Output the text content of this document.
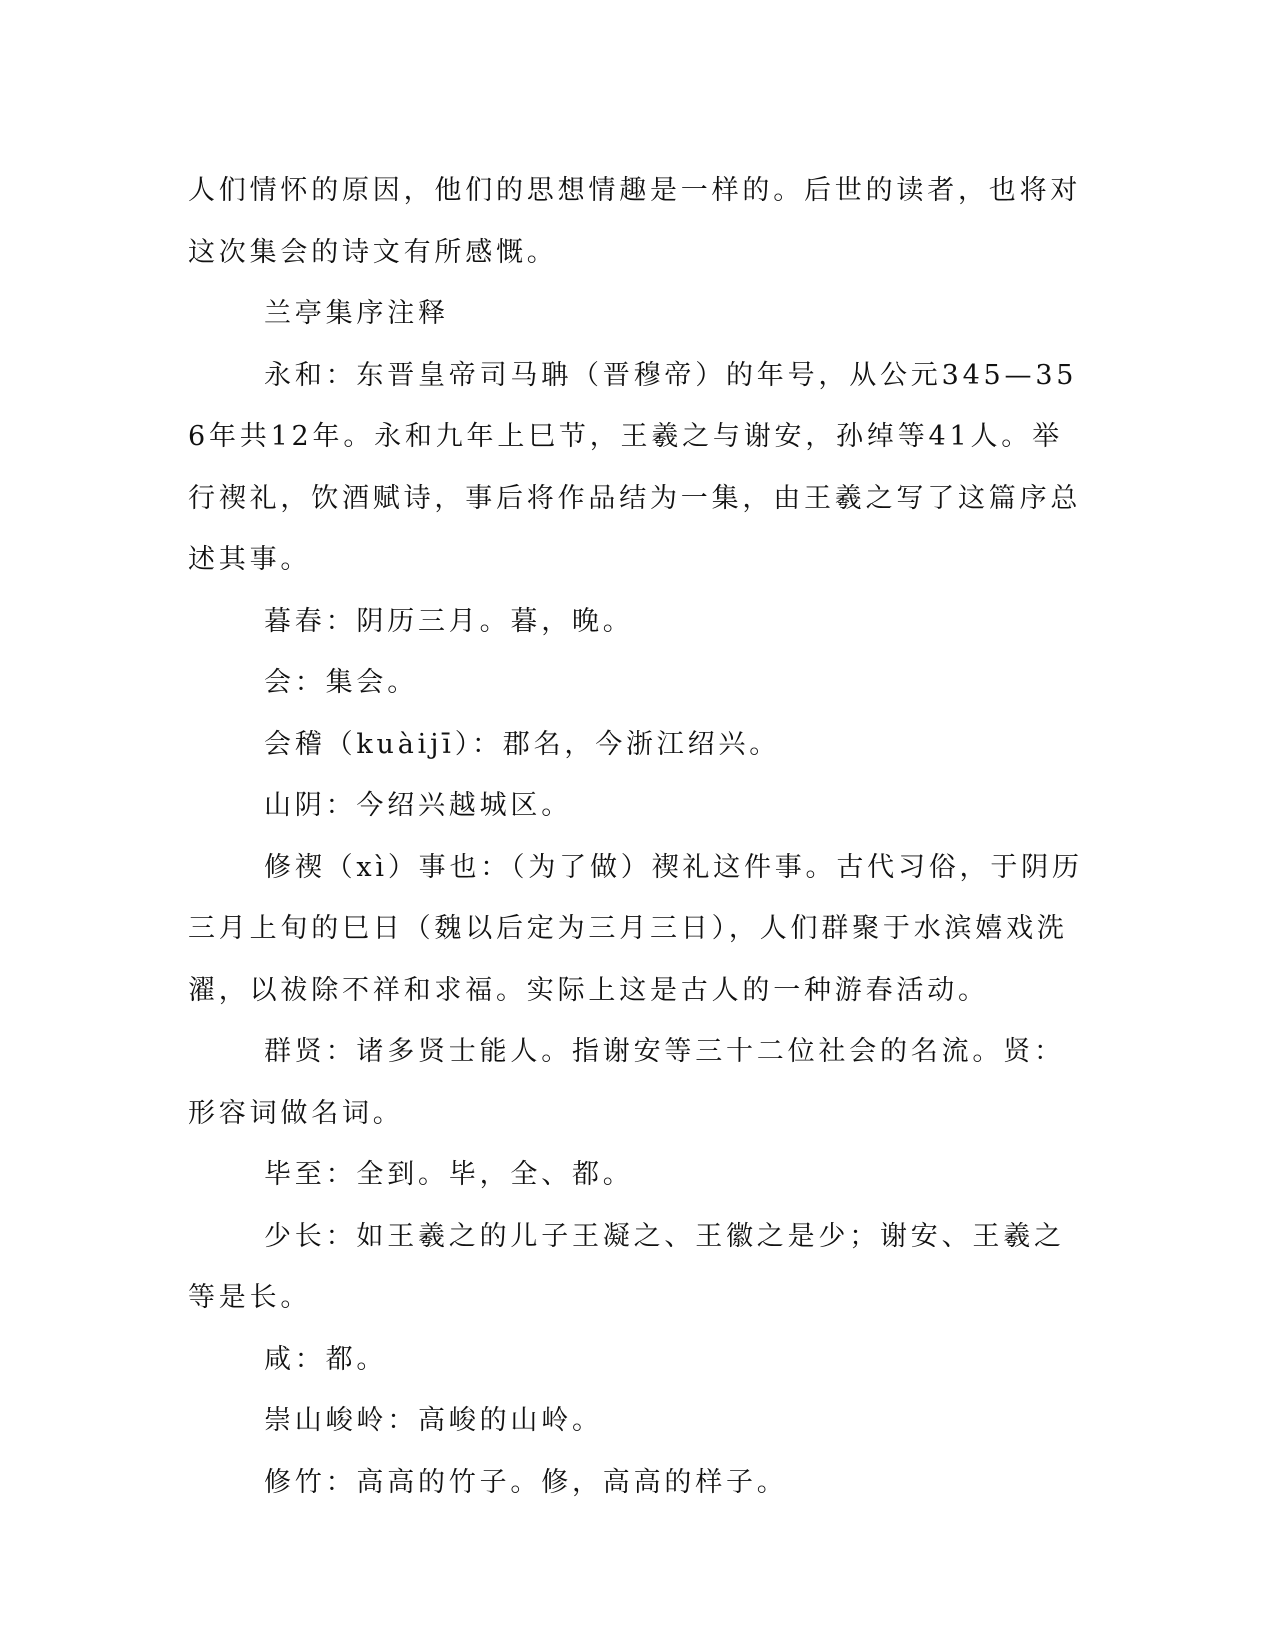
人们情怀的原因，他们的思想情趣是一样的。后世的读者，也将对这次集会的诗文有所感慨。

兰亭集序注释

永和：东晋皇帝司马聃（晋穆帝）的年号，从公元345—356年共12年。永和九年上巳节，王羲之与谢安，孙绰等41人。举行禊礼，饮酒赋诗，事后将作品结为一集，由王羲之写了这篇序总述其事。

暮春：阴历三月。暮，晚。

会：集会。

会稽（kuàijī）：郡名，今浙江绍兴。

山阴：今绍兴越城区。

修禊（xì）事也：（为了做）禊礼这件事。古代习俗，于阴历三月上旬的巳日（魏以后定为三月三日），人们群聚于水滨嬉戏洗濯，以祓除不祥和求福。实际上这是古人的一种游春活动。

群贤：诸多贤士能人。指谢安等三十二位社会的名流。贤：形容词做名词。

毕至：全到。毕，全、都。

少长：如王羲之的儿子王凝之、王徽之是少；谢安、王羲之等是长。

咸：都。

崇山峻岭：高峻的山岭。

修竹：高高的竹子。修，高高的样子。
